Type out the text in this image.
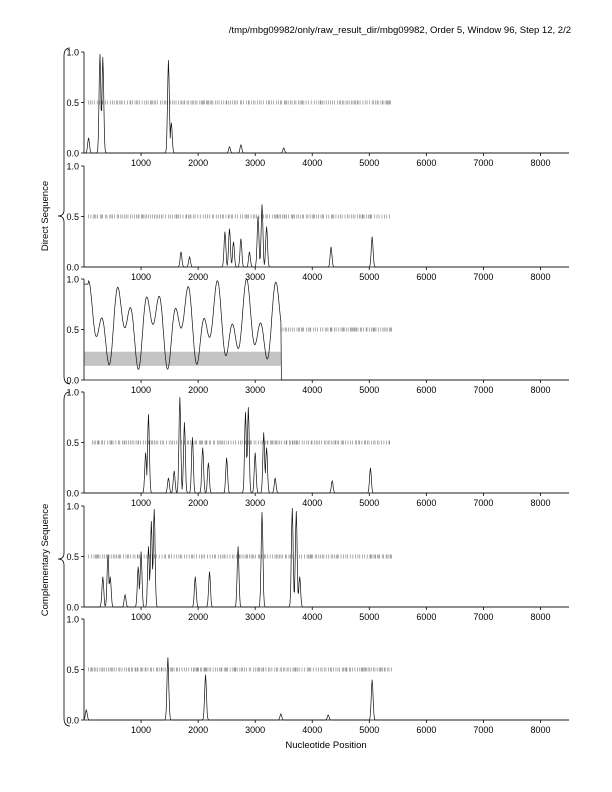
/tmp/mbg09982/only/raw_result_dir/mbg09982, Order 5, Window 96, Step 12, 2/2
0.0
0.5
1.0
1000	2000	3000	4000	5000	6000	7000	8000
0.0
0.5
1.0
1000	2000	3000	4000	5000	6000	7000	8000
0.0
0.5
1.0
1000	2000	3000	4000	5000	6000	7000	8000
0.0
0.5
1.0
1000	2000	3000	4000	5000	6000	7000	8000
0.0
0.5
1.0
1000	2000	3000	4000	5000	6000	7000	8000
0.0
0.5
1.0
1000	2000	3000	4000	5000	6000	7000	8000
Direct Sequence
Complementary Sequence
Nucleotide Position
